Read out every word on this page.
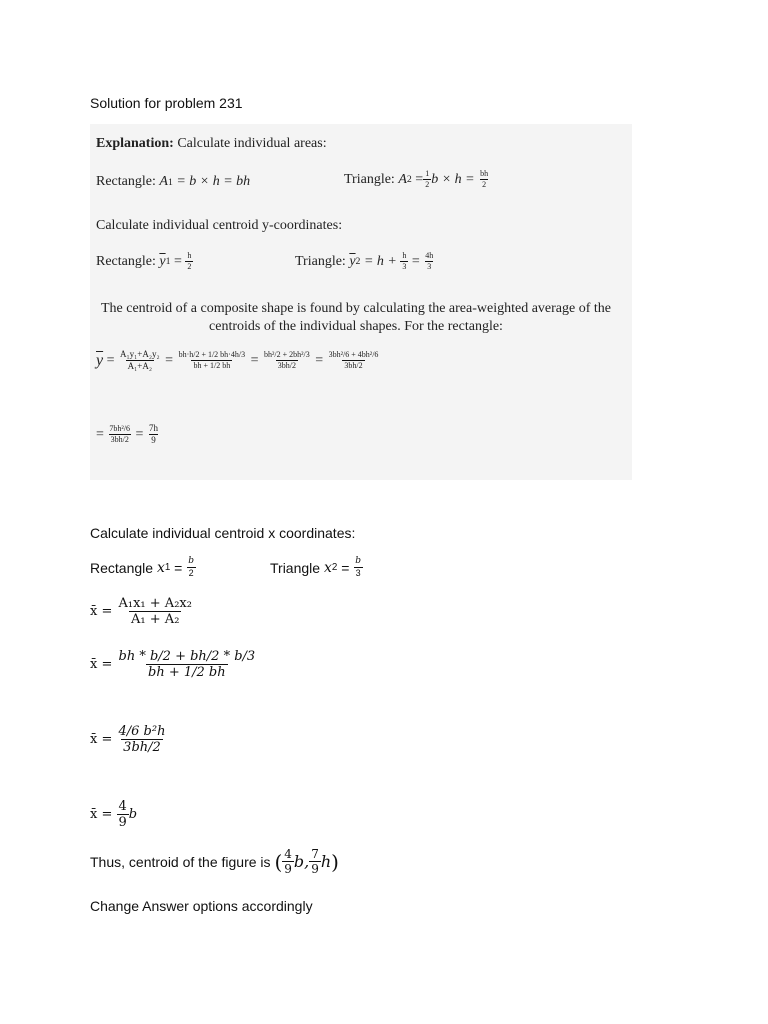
Solution for problem 231
Explanation: Calculate individual areas:
Rectangle:
A 1
= b × h = bh	Triangle:
A 2
= $\frac{1}{2}$ b × h =
$\frac{bh}{2}$
Calculate individual centroid y-coordinates:
Rectangle:
$\overline{y}$ 1
=
$\frac{h}{2}$	Triangle:
$\overline{y}$ 2
= h +
$\frac{h}{3}$
=
$\frac{4h}{3}$
The centroid of a composite shape is found by calculating the area-weighted average of the centroids of the individual shapes. For the rectangle:
$\overline{y} = \frac{\text{A₁y₁+A₂y₂}}{\text{A₁+A₂}} = \frac{bh\cdot h/2 + 1/2 bh\cdot 4h/3}{bh + 1/2 bh} = \frac{\text{bh²/2 + 2bh²/3}}{3bh/2} = \frac{\text{3bh²/6 + 4bh²/6}}{3bh/2}$
= $\frac{\text{7bh²/6}}{3bh/2} = \frac{7h}{9}$
Calculate individual centroid x coordinates:
Rectangle
x $1 = \frac{b}{2}$	Triangle
x $2 = \frac{b}{3}$
x̄ =
$\frac{\text{A₁x₁ + A₂x₂}}{\text{A₁ + A₂}}$
x̄ =
$\frac{bh * b/2 + bh/2 * b/3}{bh + 1/2 bh}$
x̄ =
$\frac{\text{4/6 b²h}}{3bh/2}$
x̄ =
$\frac{4}{9}$ b
Thus, centroid of the figure is
( $\frac{4}{9} b$, $\frac{7}{9}$ h )
Change Answer options accordingly
